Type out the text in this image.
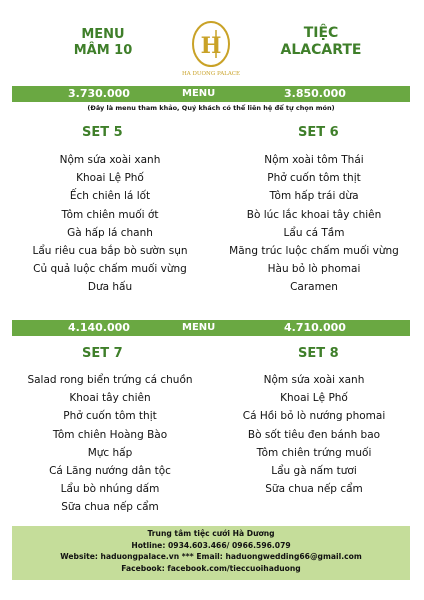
MENU
MÂM 10	H
HA DUONG PALACE
TIỆC
ALACARTE
3.730.000	MENU	3.850.000
(Đây là menu tham khảo, Quý khách có thể liên hệ để tự chọn món)
SET 5
Nộm sứa xoài xanh
Khoai Lệ Phố
Ếch chiên lá lốt
Tôm chiên muối ớt
Gà hấp lá chanh
Lẩu riêu cua bắp bò sườn sụn
Củ quả luộc chấm muối vừng
Dưa hấu
SET 6
Nộm xoài tôm Thái
Phở cuốn tôm thịt
Tôm hấp trái dừa
Bò lúc lắc khoai tây chiên
Lẩu cá Tầm
Măng trúc luộc chấm muối vừng
Hàu bỏ lò phomai
Caramen
4.140.000	MENU	4.710.000
SET 7
Salad rong biển trứng cá chuồn
Khoai tây chiên
Phở cuốn tôm thịt
Tôm chiên Hoàng Bào
Mực hấp
Cá Lăng nướng dân tộc
Lẩu bò nhúng dấm
Sữa chua nếp cẩm
SET 8
Nộm sứa xoài xanh
Khoai Lệ Phố
Cá Hồi bỏ lò nướng phomai
Bò sốt tiêu đen bánh bao
Tôm chiên trứng muối
Lẩu gà nấm tươi
Sữa chua nếp cẩm
Trung tâm tiệc cưới Hà Dương
Hotline: 0934.603.466/ 0966.596.079
Website: haduongpalace.vn *** Email: haduongwedding66@gmail.com
Facebook: facebook.com/tieccuoihaduong
